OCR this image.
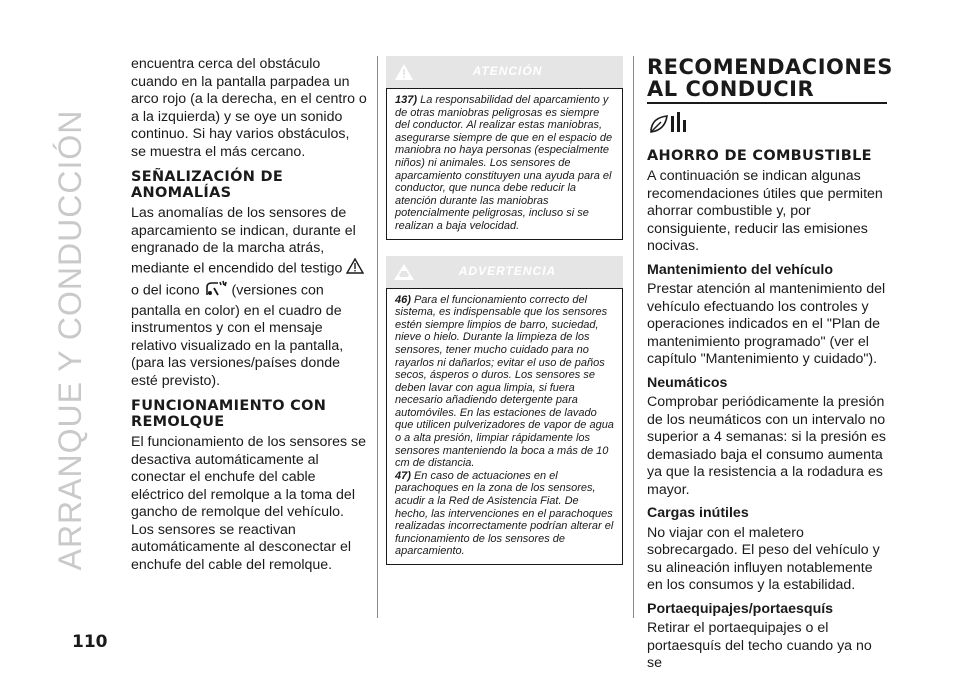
ARRANQUE Y CONDUCCIÓN
110

encuentra cerca del obstáculo cuando en la pantalla parpadea un arco rojo (a la derecha, en el centro o a la izquierda) y se oye un sonido continuo. Si hay varios obstáculos, se muestra el más cercano.

SEÑALIZACIÓN DE ANOMALÍAS

Las anomalías de los sensores de aparcamiento se indican, durante el engranado de la marcha atrás, mediante el encendido del testigo  o del icono (versiones con pantalla en color) en el cuadro de instrumentos y con el mensaje relativo visualizado en la pantalla, (para las versiones/países donde esté previsto).

FUNCIONAMIENTO CON REMOLQUE

El funcionamiento de los sensores se desactiva automáticamente al conectar el enchufe del cable eléctrico del remolque a la toma del gancho de remolque del vehículo. Los sensores se reactivan automáticamente al desconectar el enchufe del cable del remolque.

ATENCIÓN

137) La responsabilidad del aparcamiento y de otras maniobras peligrosas es siempre del conductor. Al realizar estas maniobras, asegurarse siempre de que en el espacio de maniobra no haya personas (especialmente niños) ni animales. Los sensores de aparcamiento constituyen una ayuda para el conductor, que nunca debe reducir la atención durante las maniobras potencialmente peligrosas, incluso si se realizan a baja velocidad.

ADVERTENCIA

46) Para el funcionamiento correcto del sistema, es indispensable que los sensores estén siempre limpios de barro, suciedad, nieve o hielo. Durante la limpieza de los sensores, tener mucho cuidado para no rayarlos ni dañarlos; evitar el uso de paños secos, ásperos o duros. Los sensores se deben lavar con agua limpia, si fuera necesario añadiendo detergente para automóviles. En las estaciones de lavado que utilicen pulverizadores de vapor de agua o a alta presión, limpiar rápidamente los sensores manteniendo la boca a más de 10 cm de distancia.

47) En caso de actuaciones en el parachoques en la zona de los sensores, acudir a la Red de Asistencia Fiat. De hecho, las intervenciones en el parachoques realizadas incorrectamente podrían alterar el funcionamiento de los sensores de aparcamiento.

RECOMENDACIONES AL CONDUCIR
AHORRO DE COMBUSTIBLE

A continuación se indican algunas recomendaciones útiles que permiten ahorrar combustible y, por consiguiente, reducir las emisiones nocivas.

Mantenimiento del vehículo

Prestar atención al mantenimiento del vehículo efectuando los controles y operaciones indicados en el "Plan de mantenimiento programado" (ver el capítulo "Mantenimiento y cuidado").

Neumáticos

Comprobar periódicamente la presión de los neumáticos con un intervalo no superior a 4 semanas: si la presión es demasiado baja el consumo aumenta ya que la resistencia a la rodadura es mayor.

Cargas inútiles

No viajar con el maletero sobrecargado. El peso del vehículo y su alineación influyen notablemente en los consumos y la estabilidad.

Portaequipajes/portaesquís

Retirar el portaequipajes o el portaesquís del techo cuando ya no se
